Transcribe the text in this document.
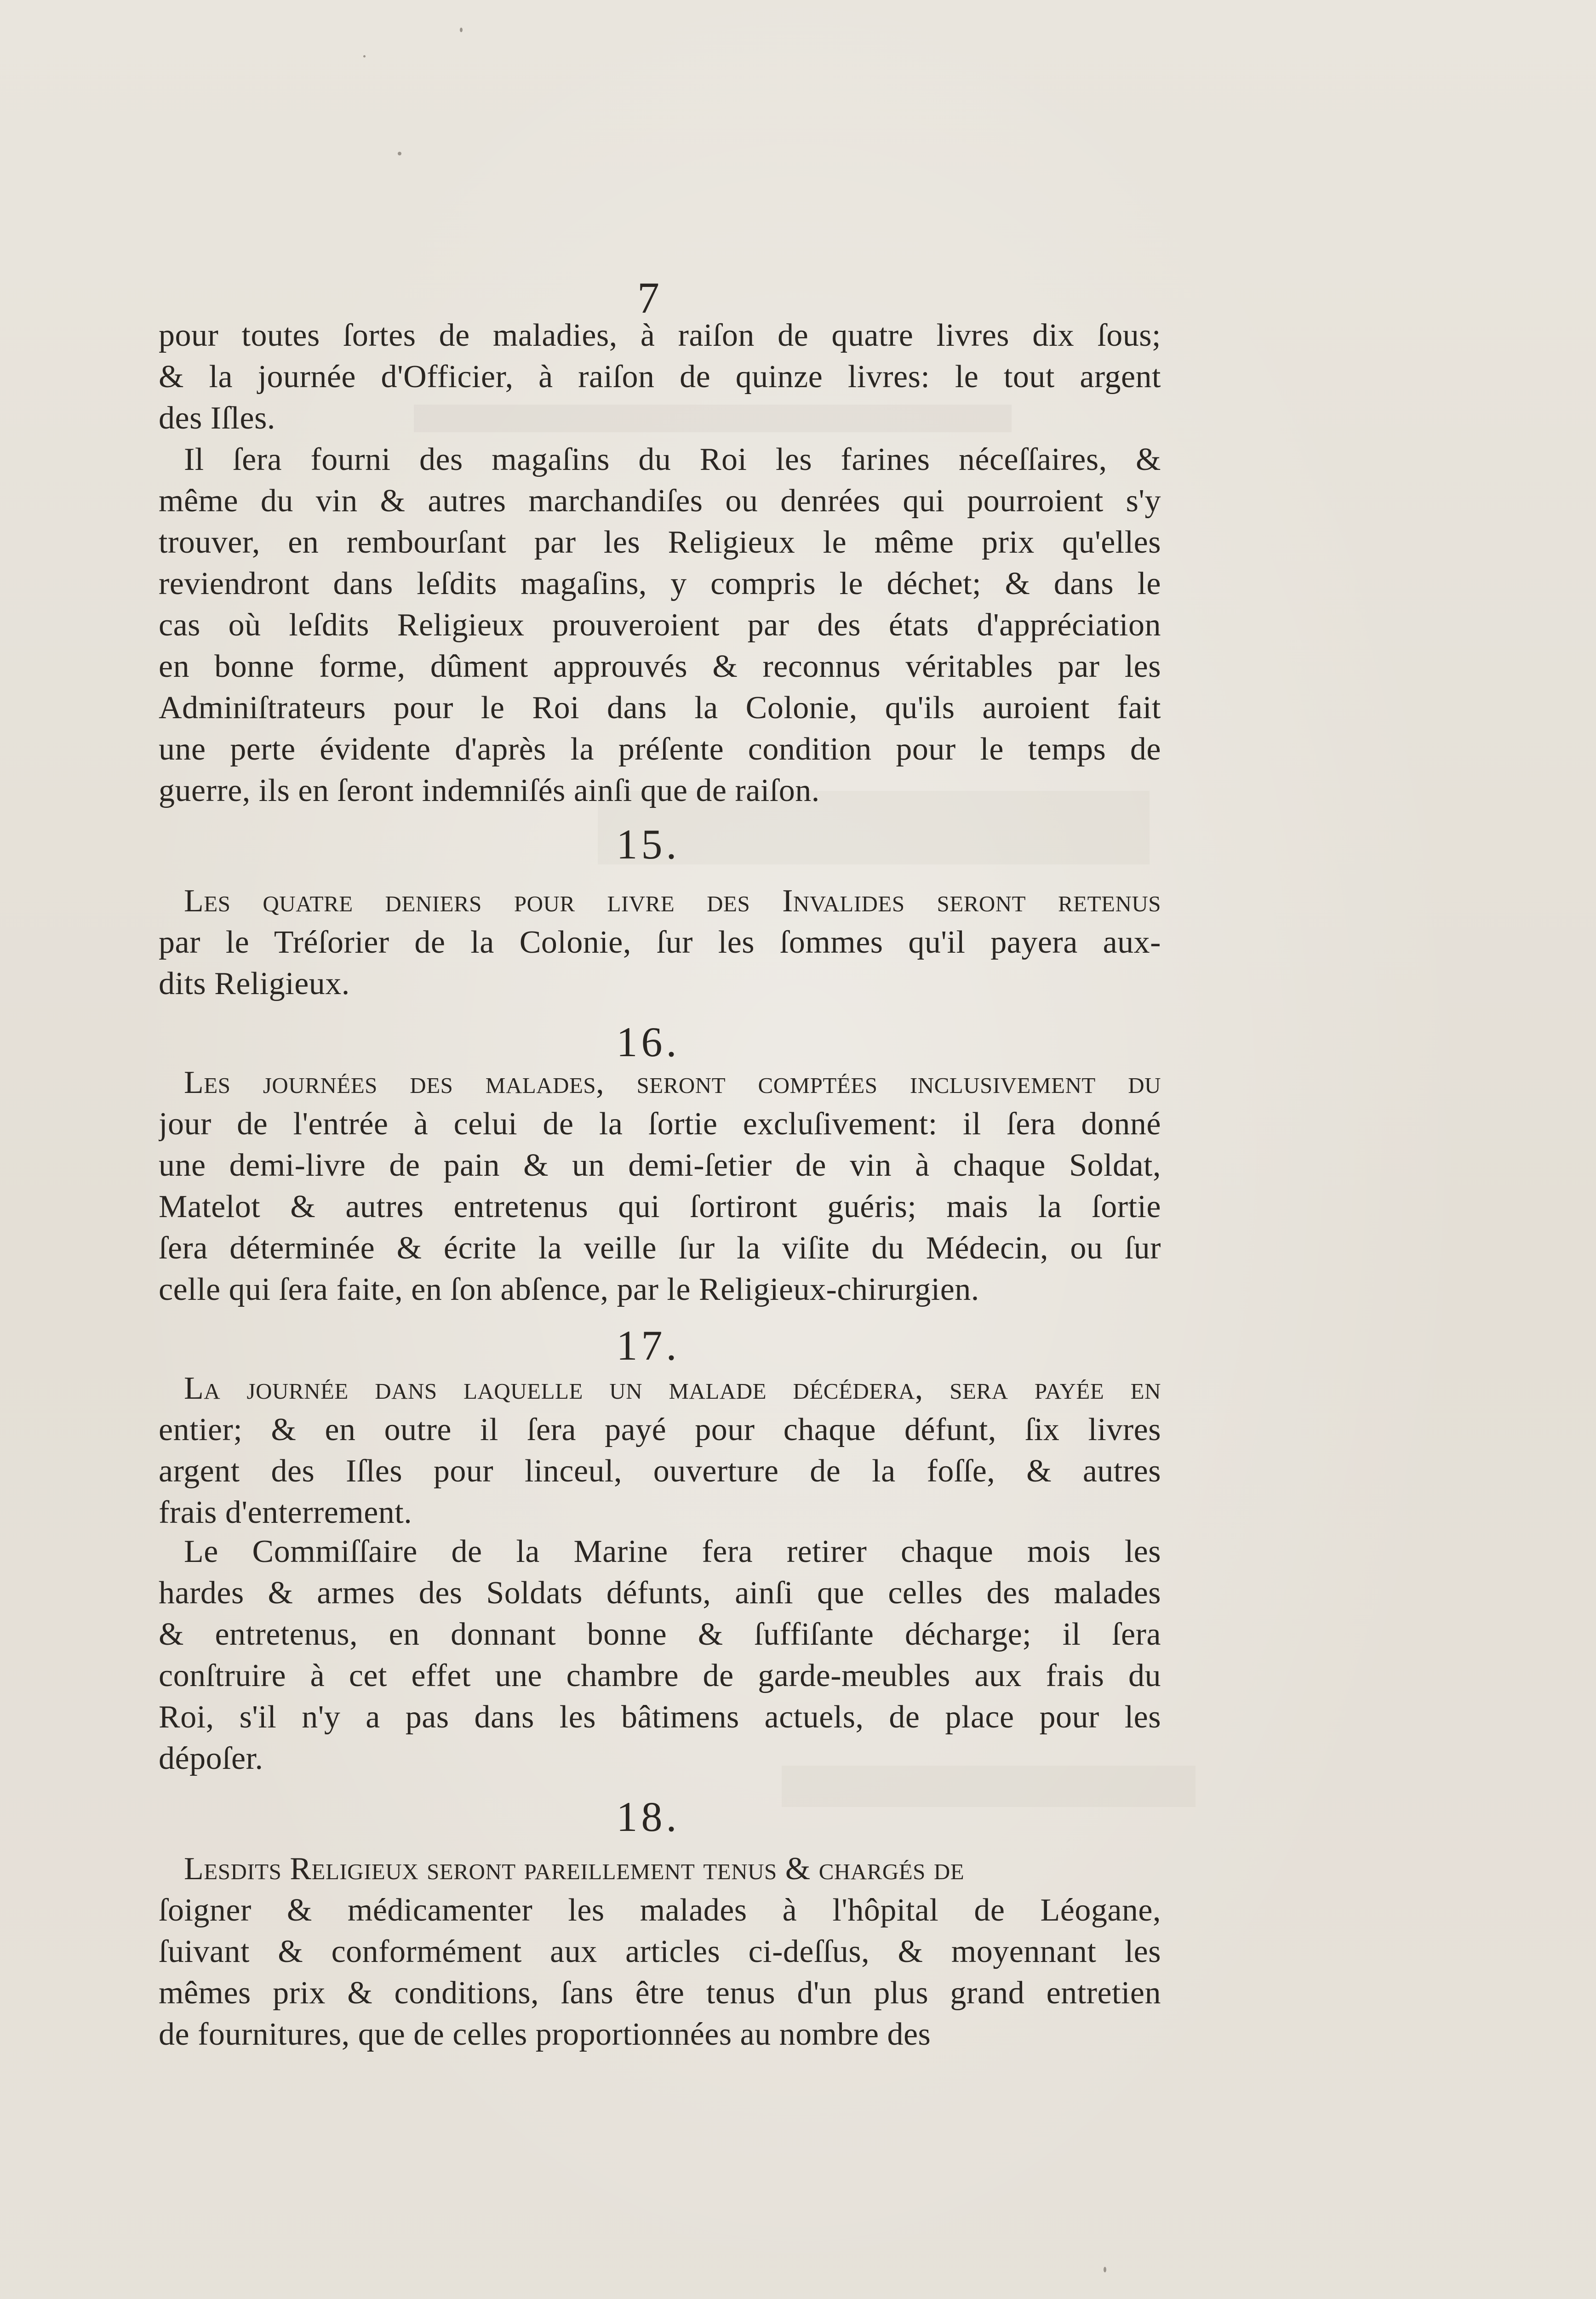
7
pour toutes ſortes de maladies, à raiſon de quatre livres dix ſous;
& la journée d'Officier, à raiſon de quinze livres: le tout argent
des Iſles.
Il ſera fourni des magaſins du Roi les farines néceſſaires, &
même du vin & autres marchandiſes ou denrées qui pourroient s'y
trouver, en rembourſant par les Religieux le même prix qu'elles
reviendront dans leſdits magaſins, y compris le déchet; & dans le
cas où leſdits Religieux prouveroient par des états d'appréciation
en bonne forme, dûment approuvés & reconnus véritables par les
Adminiſtrateurs pour le Roi dans la Colonie, qu'ils auroient fait
une perte évidente d'après la préſente condition pour le temps de
guerre, ils en ſeront indemniſés ainſi que de raiſon.
15.
Les quatre deniers pour livre des Invalides ſeront retenus
par le Tréſorier de la Colonie, ſur les ſommes qu'il payera aux-
dits Religieux.
16.
Les journées des malades, ſeront comptées incluſivement du
jour de l'entrée à celui de la ſortie excluſivement: il ſera donné
une demi-livre de pain & un demi-ſetier de vin à chaque Soldat,
Matelot & autres entretenus qui ſortiront guéris; mais la ſortie
ſera déterminée & écrite la veille ſur la viſite du Médecin, ou ſur
celle qui ſera faite, en ſon abſence, par le Religieux-chirurgien.
17.
La journée dans laquelle un malade décédera, ſera payée en
entier; & en outre il ſera payé pour chaque défunt, ſix livres
argent des Iſles pour linceul, ouverture de la foſſe, & autres
frais d'enterrement.
Le Commiſſaire de la Marine fera retirer chaque mois les
hardes & armes des Soldats défunts, ainſi que celles des malades
& entretenus, en donnant bonne & ſuffiſante décharge; il ſera
conſtruire à cet effet une chambre de garde-meubles aux frais du
Roi, s'il n'y a pas dans les bâtimens actuels, de place pour les
dépoſer.
18.
Lesdits Religieux ſeront pareillement tenus & chargés de
ſoigner & médicamenter les malades à l'hôpital de Léogane,
ſuivant & conformément aux articles ci-deſſus, & moyennant les
mêmes prix & conditions, ſans être tenus d'un plus grand entretien
de fournitures, que de celles proportionnées au nombre des
